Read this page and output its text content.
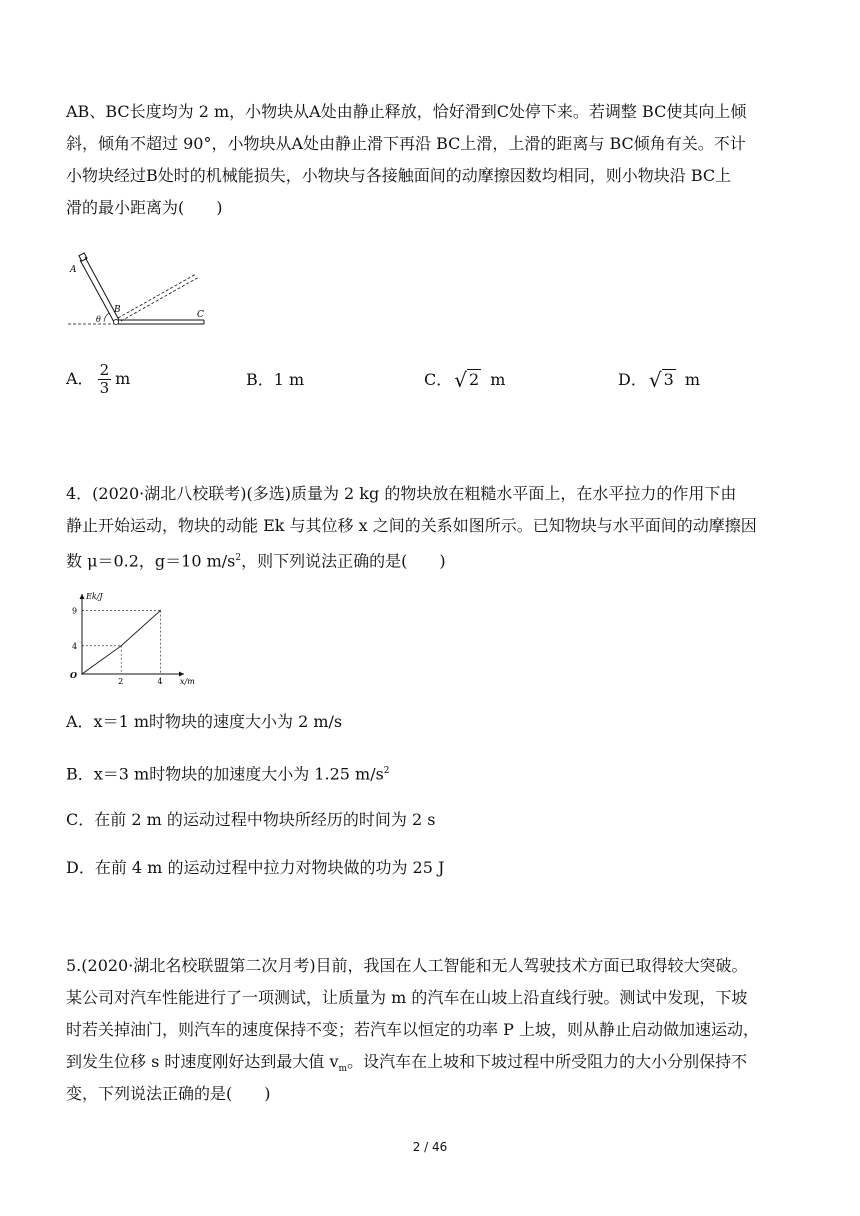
AB、BC长度均为 2 m，小物块从A处由静止释放，恰好滑到C处停下来。若调整 BC使其向上倾
斜，倾角不超过 90°，小物块从A处由静止滑下再沿 BC上滑，上滑的距离与 BC倾角有关。不计
小物块经过B处时的机械能损失，小物块与各接触面间的动摩擦因数均相同，则小物块沿 BC上
滑的最小距离为(　　)
A
B	C
θ
A． $\frac{2}{3}$ m	B．1 m	C． √ 2 m	D． √ 3 m
4．(2020·湖北八校联考)(多选)质量为 2 kg 的物块放在粗糙水平面上，在水平拉力的作用下由
静止开始运动，物块的动能 Ek 与其位移 x 之间的关系如图所示。已知物块与水平面间的动摩擦因
数 μ＝0.2，g＝10 $m/s^2$，则下列说法正确的是(　　)
x/m
Ek/J
O
2	4
4
9
A．x＝1 m时物块的速度大小为 2 m/s
B．x＝3 m时物块的加速度大小为 1.25 $m/s^2$
C．在前 2 m 的运动过程中物块所经历的时间为 2 s
D．在前 4 m 的运动过程中拉力对物块做的功为 25 J
5.(2020·湖北名校联盟第二次月考)目前，我国在人工智能和无人驾驶技术方面已取得较大突破。
某公司对汽车性能进行了一项测试，让质量为 m 的汽车在山坡上沿直线行驶。测试中发现，下坡
时若关掉油门，则汽车的速度保持不变；若汽车以恒定的功率 P 上坡，则从静止启动做加速运动，
到发生位移 s 时速度刚好达到最大值 $v_m$。设汽车在上坡和下坡过程中所受阻力的大小分别保持不
变，下列说法正确的是(　　)
2 / 46
